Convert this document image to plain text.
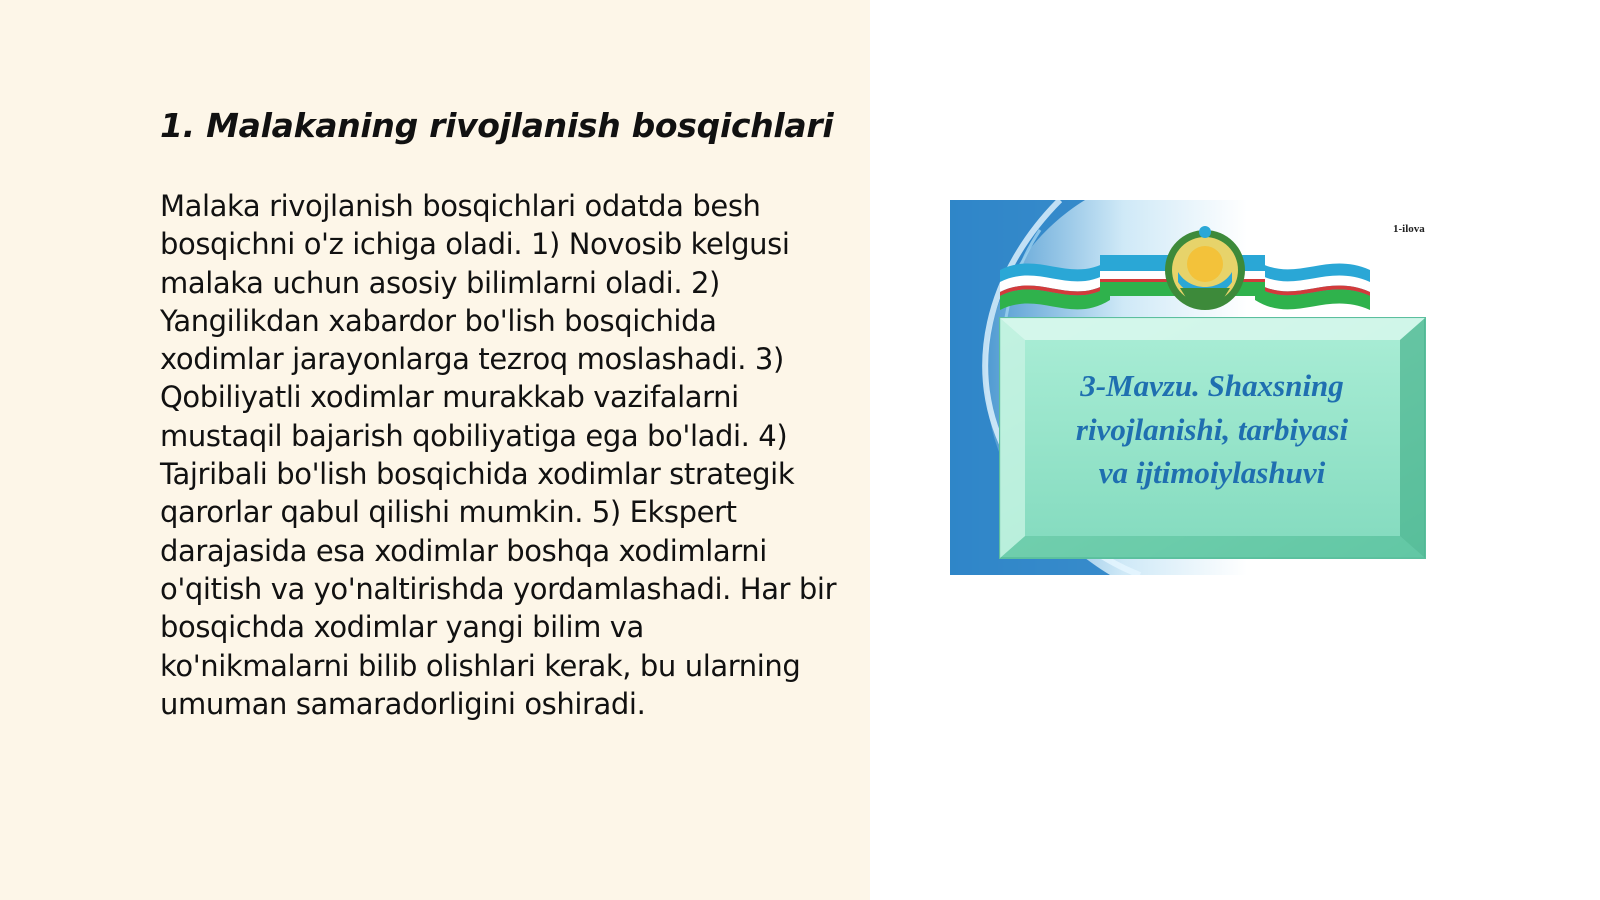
1. Malakaning rivojlanish bosqichlari

Malaka rivojlanish bosqichlari odatda besh bosqichni o'z ichiga oladi. 1) Novosib kelgusi malaka uchun asosiy bilimlarni oladi. 2) Yangilikdan xabardor bo'lish bosqichida xodimlar jarayonlarga tezroq moslashadi. 3) Qobiliyatli xodimlar murakkab vazifalarni mustaqil bajarish qobiliyatiga ega bo'ladi. 4) Tajribali bo'lish bosqichida xodimlar strategik qarorlar qabul qilishi mumkin. 5) Ekspert darajasida esa xodimlar boshqa xodimlarni o'qitish va yo'naltirishda yordamlashadi. Har bir bosqichda xodimlar yangi bilim va ko'nikmalarni bilib olishlari kerak, bu ularning umuman samaradorligini oshiradi.

1-ilova
3-Mavzu. Shaxsning
rivojlanishi, tarbiyasi
va ijtimoiylashuvi
